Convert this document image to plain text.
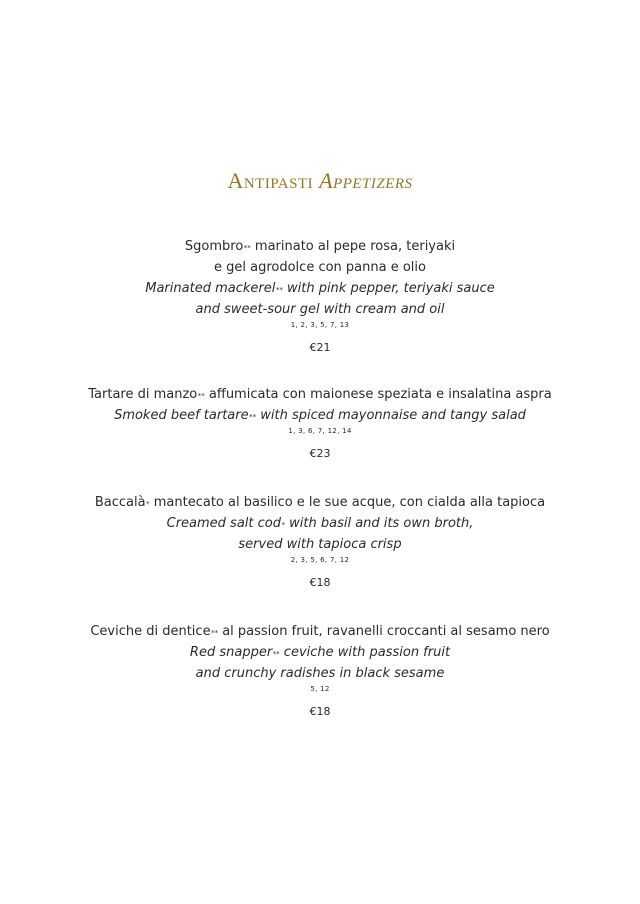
Antipasti Appetizers
Sgombro** marinato al pepe rosa, teriyaki
e gel agrodolce con panna e olio
Marinated mackerel** with pink pepper, teriyaki sauce
and sweet-sour gel with cream and oil
1, 2, 3, 5, 7, 13
€21
Tartare di manzo** affumicata con maionese speziata e insalatina aspra
Smoked beef tartare** with spiced mayonnaise and tangy salad
1, 3, 6, 7, 12, 14
€23
Baccalà* mantecato al basilico e le sue acque, con cialda alla tapioca
Creamed salt cod* with basil and its own broth,
served with tapioca crisp
2, 3, 5, 6, 7, 12
€18
Ceviche di dentice** al passion fruit, ravanelli croccanti al sesamo nero
Red snapper** ceviche with passion fruit
and crunchy radishes in black sesame
5, 12
€18
